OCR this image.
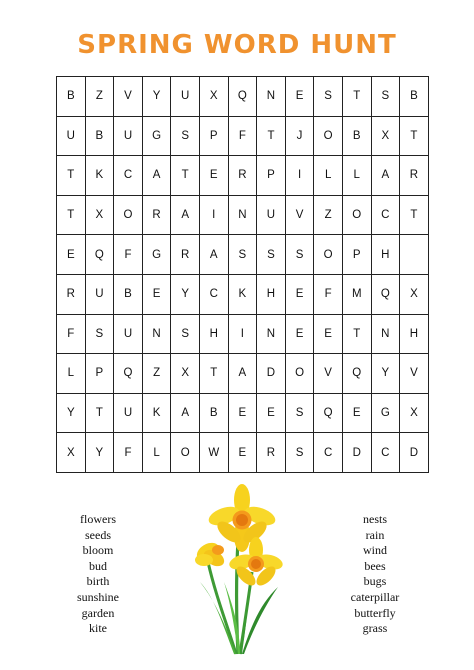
SPRING WORD HUNT
B	Z	V	Y	U	X	Q	N	E	S	T	S	B
U	B	U	G	S	P	F	T	J	O	B	X	T
T	K	C	A	T	E	R	P	I	L	L	A	R
T	X	O	R	A	I	N	U	V	Z	O	C	T
E	Q	F	G	R	A	S	S	S	O	P	H
R	U	B	E	Y	C	K	H	E	F	M	Q	X
F	S	U	N	S	H	I	N	E	E	T	N	H
L	P	Q	Z	X	T	A	D	O	V	Q	Y	V
Y	T	U	K	A	B	E	E	S	Q	E	G	X
X	Y	F	L	O	W	E	R	S	C	D	C	D
flowers
seeds
bloom
bud
birth
sunshine
garden
kite
nests
rain
wind
bees
bugs
caterpillar
butterfly
grass
